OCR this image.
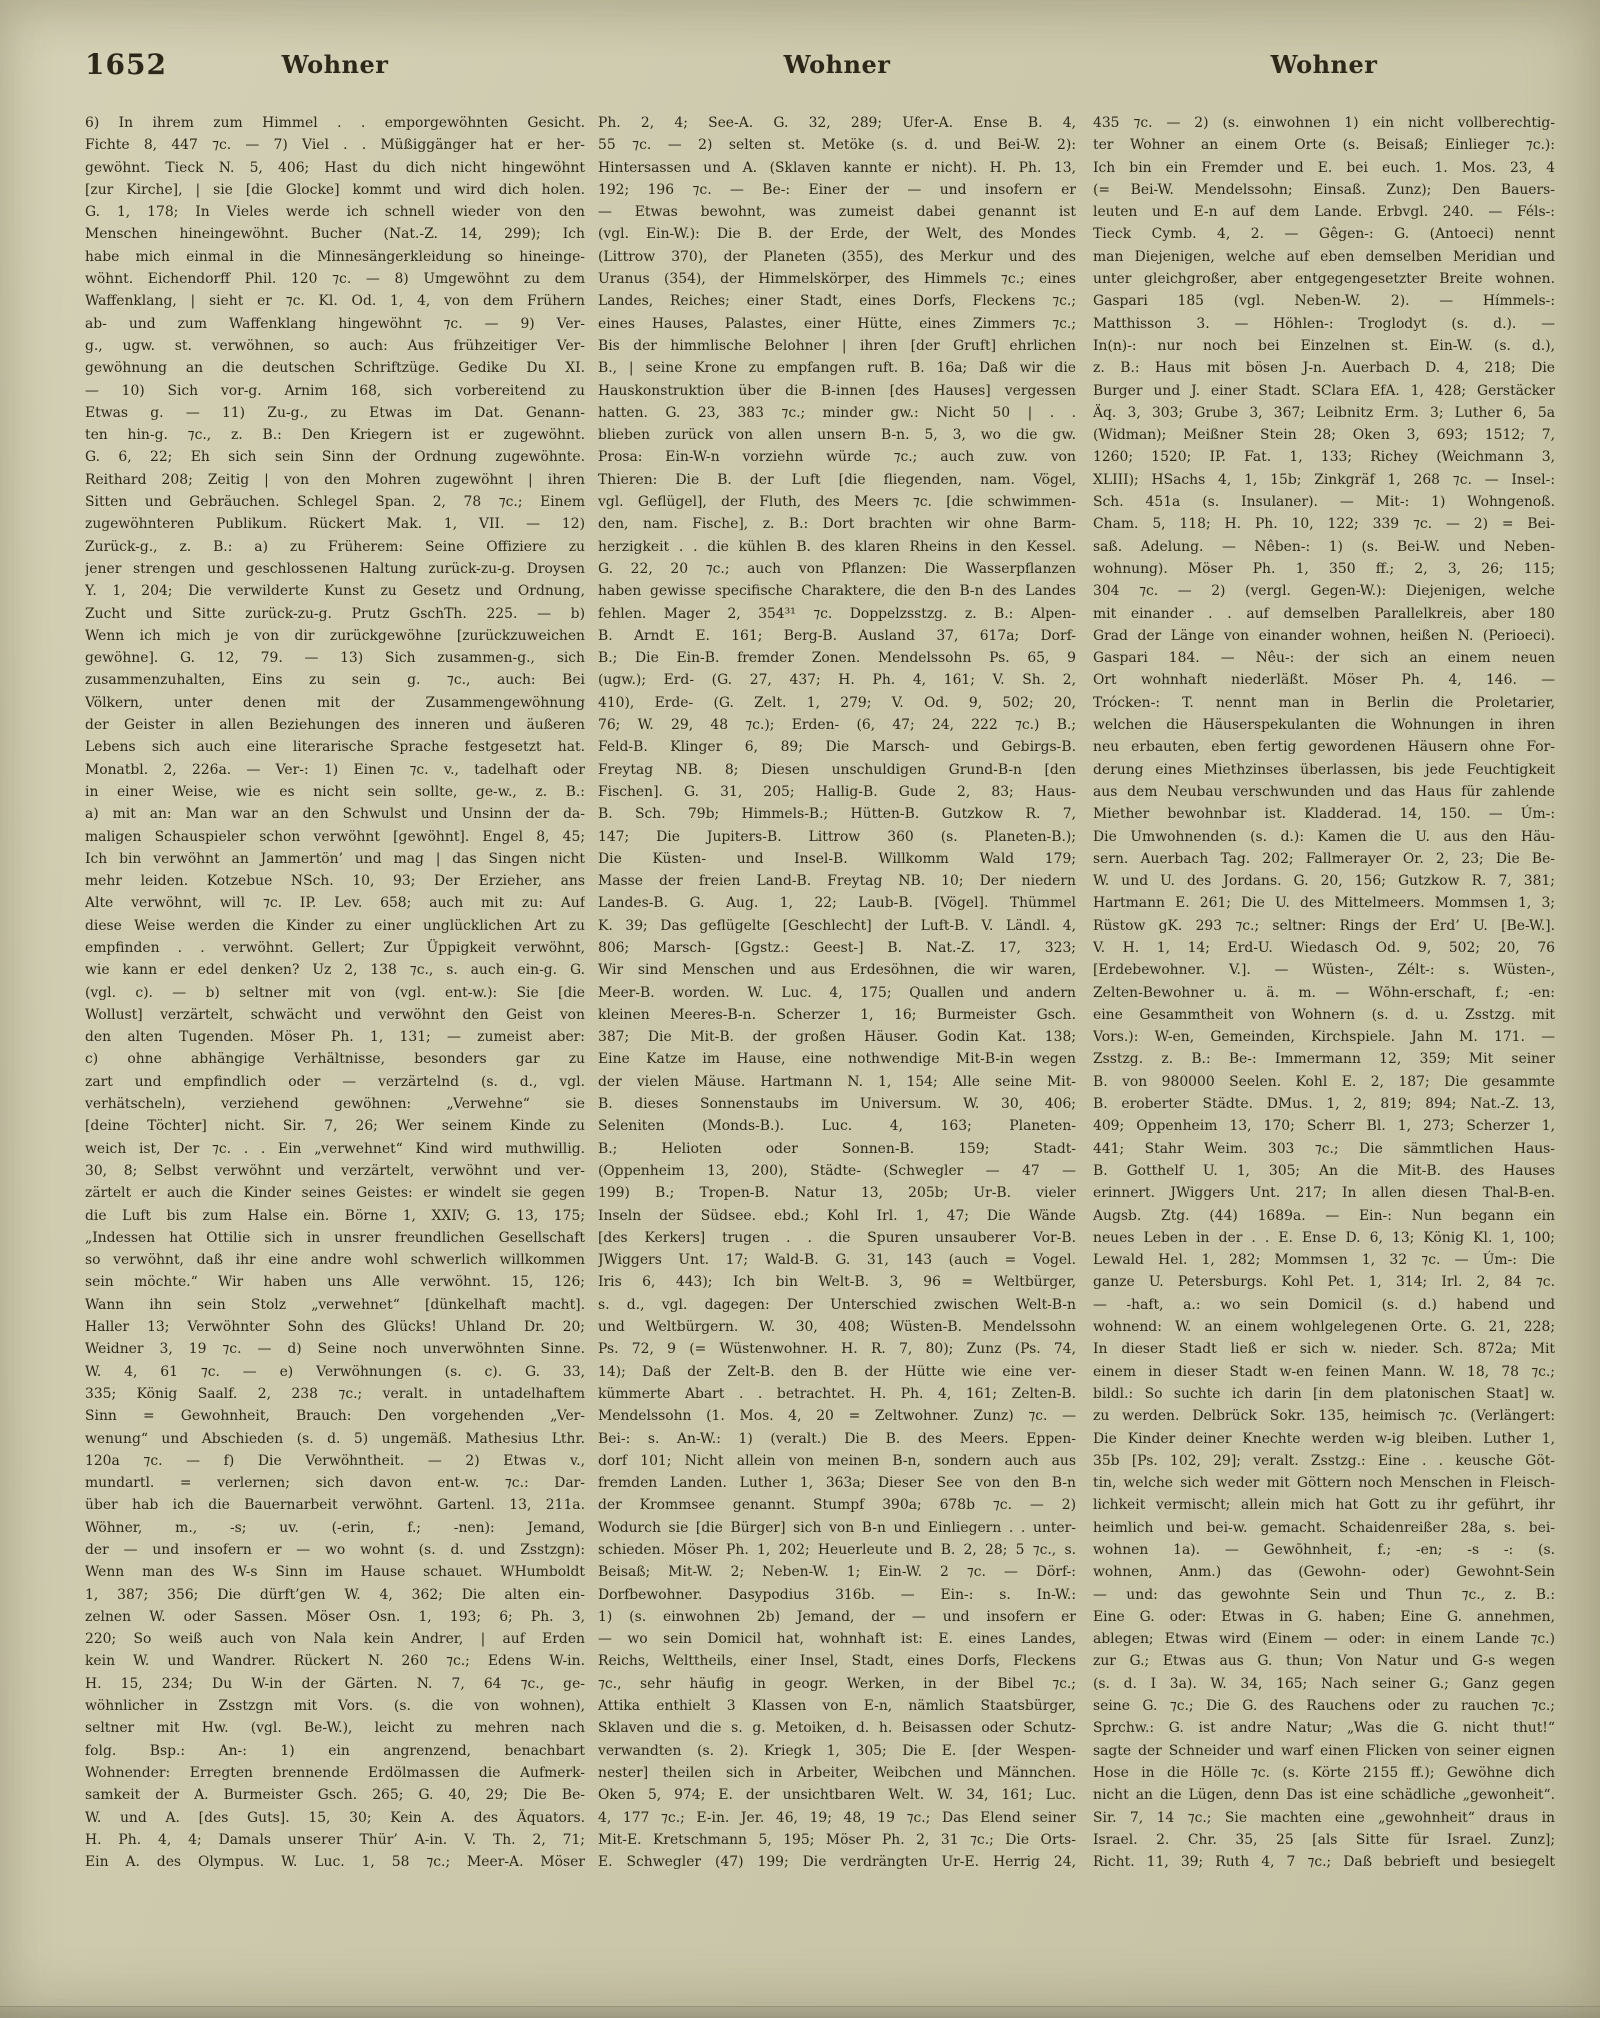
1652	Wohner	Wohner	Wohner
6) In ihrem zum Himmel . . emporgewöhnten Gesicht.
Fichte 8, 447 ⁊c. — 7) Viel . . Müßiggänger hat er her-
gewöhnt. Tieck N. 5, 406; Hast du dich nicht hingewöhnt
[zur Kirche], | sie [die Glocke] kommt und wird dich holen.
G. 1, 178; In Vieles werde ich schnell wieder von den
Menschen hineingewöhnt. Bucher (Nat.-Z. 14, 299); Ich
habe mich einmal in die Minnesängerkleidung so hineinge-
wöhnt. Eichendorff Phil. 120 ⁊c. — 8) Umgewöhnt zu dem
Waffenklang, | sieht er ⁊c. Kl. Od. 1, 4, von dem Frühern
ab- und zum Waffenklang hingewöhnt ⁊c. — 9) Ver-
g., ugw. st. verwöhnen, so auch: Aus frühzeitiger Ver-
gewöhnung an die deutschen Schriftzüge. Gedike Du XI.
— 10) Sich vor-g. Arnim 168, sich vorbereitend zu
Etwas g. — 11) Zu-g., zu Etwas im Dat. Genann-
ten hin-g. ⁊c., z. B.: Den Kriegern ist er zugewöhnt.
G. 6, 22; Eh sich sein Sinn der Ordnung zugewöhnte.
Reithard 208; Zeitig | von den Mohren zugewöhnt | ihren
Sitten und Gebräuchen. Schlegel Span. 2, 78 ⁊c.; Einem
zugewöhnteren Publikum. Rückert Mak. 1, VII. — 12)
Zurück-g., z. B.: a) zu Früherem: Seine Offiziere zu
jener strengen und geschlossenen Haltung zurück-zu-g. Droysen
Y. 1, 204; Die verwilderte Kunst zu Gesetz und Ordnung,
Zucht und Sitte zurück-zu-g. Prutz GschTh. 225. — b)
Wenn ich mich je von dir zurückgewöhne [zurückzuweichen
gewöhne]. G. 12, 79. — 13) Sich zusammen-g., sich
zusammenzuhalten, Eins zu sein g. ⁊c., auch: Bei
Völkern, unter denen mit der Zusammengewöhnung
der Geister in allen Beziehungen des inneren und äußeren
Lebens sich auch eine literarische Sprache festgesetzt hat.
Monatbl. 2, 226a. — Ver-: 1) Einen ⁊c. v., tadelhaft oder
in einer Weise, wie es nicht sein sollte, ge-w., z. B.:
a) mit an: Man war an den Schwulst und Unsinn der da-
maligen Schauspieler schon verwöhnt [gewöhnt]. Engel 8, 45;
Ich bin verwöhnt an Jammertön’ und mag | das Singen nicht
mehr leiden. Kotzebue NSch. 10, 93; Der Erzieher, ans
Alte verwöhnt, will ⁊c. IP. Lev. 658; auch mit zu: Auf
diese Weise werden die Kinder zu einer unglücklichen Art zu
empfinden . . verwöhnt. Gellert; Zur Üppigkeit verwöhnt,
wie kann er edel denken? Uz 2, 138 ⁊c., s. auch ein-g. G.
(vgl. c). — b) seltner mit von (vgl. ent-w.): Sie [die
Wollust] verzärtelt, schwächt und verwöhnt den Geist von
den alten Tugenden. Möser Ph. 1, 131; — zumeist aber:
c) ohne abhängige Verhältnisse, besonders gar zu
zart und empfindlich oder — verzärtelnd (s. d., vgl.
verhätscheln), verziehend gewöhnen: „Verwehne“ sie
[deine Töchter] nicht. Sir. 7, 26; Wer seinem Kinde zu
weich ist, Der ⁊c. . . Ein „verwehnet“ Kind wird muthwillig.
30, 8; Selbst verwöhnt und verzärtelt, verwöhnt und ver-
zärtelt er auch die Kinder seines Geistes: er windelt sie gegen
die Luft bis zum Halse ein. Börne 1, XXIV; G. 13, 175;
„Indessen hat Ottilie sich in unsrer freundlichen Gesellschaft
so verwöhnt, daß ihr eine andre wohl schwerlich willkommen
sein möchte.“ Wir haben uns Alle verwöhnt. 15, 126;
Wann ihn sein Stolz „verwehnet“ [dünkelhaft macht].
Haller 13; Verwöhnter Sohn des Glücks! Uhland Dr. 20;
Weidner 3, 19 ⁊c. — d) Seine noch unverwöhnten Sinne.
W. 4, 61 ⁊c. — e) Verwöhnungen (s. c). G. 33,
335; König Saalf. 2, 238 ⁊c.; veralt. in untadelhaftem
Sinn = Gewohnheit, Brauch: Den vorgehenden „Ver-
wenung“ und Abschieden (s. d. 5) ungemäß. Mathesius Lthr.
120a ⁊c. — f) Die Verwöhntheit. — 2) Etwas v.,
mundartl. = verlernen; sich davon ent-w. ⁊c.: Dar-
über hab ich die Bauernarbeit verwöhnt. Gartenl. 13, 211a.
Wöhner, m., -s; uv. (-erin, f.; -nen): Jemand,
der — und insofern er — wo wohnt (s. d. und Zsstzgn):
Wenn man des W-s Sinn im Hause schauet. WHumboldt
1, 387; 356; Die dürft’gen W. 4, 362; Die alten ein-
zelnen W. oder Sassen. Möser Osn. 1, 193; 6; Ph. 3,
220; So weiß auch von Nala kein Andrer, | auf Erden
kein W. und Wandrer. Rückert N. 260 ⁊c.; Edens W-in.
H. 15, 234; Du W-in der Gärten. N. 7, 64 ⁊c., ge-
wöhnlicher in Zsstzgn mit Vors. (s. die von wohnen),
seltner mit Hw. (vgl. Be-W.), leicht zu mehren nach
folg. Bsp.: An-: 1) ein angrenzend, benachbart
Wohnender: Erregten brennende Erdölmassen die Aufmerk-
samkeit der A. Burmeister Gsch. 265; G. 40, 29; Die Be-
W. und A. [des Guts]. 15, 30; Kein A. des Äquators.
H. Ph. 4, 4; Damals unserer Thür’ A-in. V. Th. 2, 71;
Ein A. des Olympus. W. Luc. 1, 58 ⁊c.; Meer-A. Möser
Ph. 2, 4; See-A. G. 32, 289; Ufer-A. Ense B. 4,
55 ⁊c. — 2) selten st. Metöke (s. d. und Bei-W. 2):
Hintersassen und A. (Sklaven kannte er nicht). H. Ph. 13,
192; 196 ⁊c. — Be-: Einer der — und insofern er
— Etwas bewohnt, was zumeist dabei genannt ist
(vgl. Ein-W.): Die B. der Erde, der Welt, des Mondes
(Littrow 370), der Planeten (355), des Merkur und des
Uranus (354), der Himmelskörper, des Himmels ⁊c.; eines
Landes, Reiches; einer Stadt, eines Dorfs, Fleckens ⁊c.;
eines Hauses, Palastes, einer Hütte, eines Zimmers ⁊c.;
Bis der himmlische Belohner | ihren [der Gruft] ehrlichen
B., | seine Krone zu empfangen ruft. B. 16a; Daß wir die
Hauskonstruktion über die B-innen [des Hauses] vergessen
hatten. G. 23, 383 ⁊c.; minder gw.: Nicht 50 | . .
blieben zurück von allen unsern B-n. 5, 3, wo die gw.
Prosa: Ein-W-n vorziehn würde ⁊c.; auch zuw. von
Thieren: Die B. der Luft [die fliegenden, nam. Vögel,
vgl. Geflügel], der Fluth, des Meers ⁊c. [die schwimmen-
den, nam. Fische], z. B.: Dort brachten wir ohne Barm-
herzigkeit . . die kühlen B. des klaren Rheins in den Kessel.
G. 22, 20 ⁊c.; auch von Pflanzen: Die Wasserpflanzen
haben gewisse specifische Charaktere, die den B-n des Landes
fehlen. Mager 2, 354³¹ ⁊c. Doppelzsstzg. z. B.: Alpen-
B. Arndt E. 161; Berg-B. Ausland 37, 617a; Dorf-
B.; Die Ein-B. fremder Zonen. Mendelssohn Ps. 65, 9
(ugw.); Erd- (G. 27, 437; H. Ph. 4, 161; V. Sh. 2,
410), Erde- (G. Zelt. 1, 279; V. Od. 9, 502; 20,
76; W. 29, 48 ⁊c.); Erden- (6, 47; 24, 222 ⁊c.) B.;
Feld-B. Klinger 6, 89; Die Marsch- und Gebirgs-B.
Freytag NB. 8; Diesen unschuldigen Grund-B-n [den
Fischen]. G. 31, 205; Hallig-B. Gude 2, 83; Haus-
B. Sch. 79b; Himmels-B.; Hütten-B. Gutzkow R. 7,
147; Die Jupiters-B. Littrow 360 (s. Planeten-B.);
Die Küsten- und Insel-B. Willkomm Wald 179;
Masse der freien Land-B. Freytag NB. 10; Der niedern
Landes-B. G. Aug. 1, 22; Laub-B. [Vögel]. Thümmel
K. 39; Das geflügelte [Geschlecht] der Luft-B. V. Ländl. 4,
806; Marsch- [Ggstz.: Geest-] B. Nat.-Z. 17, 323;
Wir sind Menschen und aus Erdesöhnen, die wir waren,
Meer-B. worden. W. Luc. 4, 175; Quallen und andern
kleinen Meeres-B-n. Scherzer 1, 16; Burmeister Gsch.
387; Die Mit-B. der großen Häuser. Godin Kat. 138;
Eine Katze im Hause, eine nothwendige Mit-B-in wegen
der vielen Mäuse. Hartmann N. 1, 154; Alle seine Mit-
B. dieses Sonnenstaubs im Universum. W. 30, 406;
Seleniten (Monds-B.). Luc. 4, 163; Planeten-
B.; Helioten oder Sonnen-B. 159; Stadt-
(Oppenheim 13, 200), Städte- (Schwegler — 47 —
199) B.; Tropen-B. Natur 13, 205b; Ur-B. vieler
Inseln der Südsee. ebd.; Kohl Irl. 1, 47; Die Wände
[des Kerkers] trugen . . die Spuren unsauberer Vor-B.
JWiggers Unt. 17; Wald-B. G. 31, 143 (auch = Vogel.
Iris 6, 443); Ich bin Welt-B. 3, 96 = Weltbürger,
s. d., vgl. dagegen: Der Unterschied zwischen Welt-B-n
und Weltbürgern. W. 30, 408; Wüsten-B. Mendelssohn
Ps. 72, 9 (= Wüstenwohner. H. R. 7, 80); Zunz (Ps. 74,
14); Daß der Zelt-B. den B. der Hütte wie eine ver-
kümmerte Abart . . betrachtet. H. Ph. 4, 161; Zelten-B.
Mendelssohn (1. Mos. 4, 20 = Zeltwohner. Zunz) ⁊c. —
Bei-: s. An-W.: 1) (veralt.) Die B. des Meers. Eppen-
dorf 101; Nicht allein von meinen B-n, sondern auch aus
fremden Landen. Luther 1, 363a; Dieser See von den B-n
der Krommsee genannt. Stumpf 390a; 678b ⁊c. — 2)
Wodurch sie [die Bürger] sich von B-n und Einliegern . . unter-
schieden. Möser Ph. 1, 202; Heuerleute und B. 2, 28; 5 ⁊c., s.
Beisaß; Mit-W. 2; Neben-W. 1; Ein-W. 2 ⁊c. — Dörf-:
Dorfbewohner. Dasypodius 316b. — Ein-: s. In-W.:
1) (s. einwohnen 2b) Jemand, der — und insofern er
— wo sein Domicil hat, wohnhaft ist: E. eines Landes,
Reichs, Welttheils, einer Insel, Stadt, eines Dorfs, Fleckens
⁊c., sehr häufig in geogr. Werken, in der Bibel ⁊c.;
Attika enthielt 3 Klassen von E-n, nämlich Staatsbürger,
Sklaven und die s. g. Metoiken, d. h. Beisassen oder Schutz-
verwandten (s. 2). Kriegk 1, 305; Die E. [der Wespen-
nester] theilen sich in Arbeiter, Weibchen und Männchen.
Oken 5, 974; E. der unsichtbaren Welt. W. 34, 161; Luc.
4, 177 ⁊c.; E-in. Jer. 46, 19; 48, 19 ⁊c.; Das Elend seiner
Mit-E. Kretschmann 5, 195; Möser Ph. 2, 31 ⁊c.; Die Orts-
E. Schwegler (47) 199; Die verdrängten Ur-E. Herrig 24,
435 ⁊c. — 2) (s. einwohnen 1) ein nicht vollberechtig-
ter Wohner an einem Orte (s. Beisaß; Einlieger ⁊c.):
Ich bin ein Fremder und E. bei euch. 1. Mos. 23, 4
(= Bei-W. Mendelssohn; Einsaß. Zunz); Den Bauers-
leuten und E-n auf dem Lande. Erbvgl. 240. — Féls-:
Tieck Cymb. 4, 2. — Gêgen-: G. (Antoeci) nennt
man Diejenigen, welche auf eben demselben Meridian und
unter gleichgroßer, aber entgegengesetzter Breite wohnen.
Gaspari 185 (vgl. Neben-W. 2). — Hímmels-:
Matthisson 3. — Höhlen-: Troglodyt (s. d.). —
In(n)-: nur noch bei Einzelnen st. Ein-W. (s. d.),
z. B.: Haus mit bösen J-n. Auerbach D. 4, 218; Die
Burger und J. einer Stadt. SClara EfA. 1, 428; Gerstäcker
Äq. 3, 303; Grube 3, 367; Leibnitz Erm. 3; Luther 6, 5a
(Widman); Meißner Stein 28; Oken 3, 693; 1512; 7,
1260; 1520; IP. Fat. 1, 133; Richey (Weichmann 3,
XLIII); HSachs 4, 1, 15b; Zinkgräf 1, 268 ⁊c. — Insel-:
Sch. 451a (s. Insulaner). — Mit-: 1) Wohngenoß.
Cham. 5, 118; H. Ph. 10, 122; 339 ⁊c. — 2) = Bei-
saß. Adelung. — Nêben-: 1) (s. Bei-W. und Neben-
wohnung). Möser Ph. 1, 350 ff.; 2, 3, 26; 115;
304 ⁊c. — 2) (vergl. Gegen-W.): Diejenigen, welche
mit einander . . auf demselben Parallelkreis, aber 180
Grad der Länge von einander wohnen, heißen N. (Perioeci).
Gaspari 184. — Nêu-: der sich an einem neuen
Ort wohnhaft niederläßt. Möser Ph. 4, 146. —
Trócken-: T. nennt man in Berlin die Proletarier,
welchen die Häuserspekulanten die Wohnungen in ihren
neu erbauten, eben fertig gewordenen Häusern ohne For-
derung eines Miethzinses überlassen, bis jede Feuchtigkeit
aus dem Neubau verschwunden und das Haus für zahlende
Miether bewohnbar ist. Kladderad. 14, 150. — Úm-:
Die Umwohnenden (s. d.): Kamen die U. aus den Häu-
sern. Auerbach Tag. 202; Fallmerayer Or. 2, 23; Die Be-
W. und U. des Jordans. G. 20, 156; Gutzkow R. 7, 381;
Hartmann E. 261; Die U. des Mittelmeers. Mommsen 1, 3;
Rüstow gK. 293 ⁊c.; seltner: Rings der Erd’ U. [Be-W.].
V. H. 1, 14; Erd-U. Wiedasch Od. 9, 502; 20, 76
[Erdebewohner. V.]. — Wüsten-, Zélt-: s. Wüsten-,
Zelten-Bewohner u. ä. m. — Wōhn-erschaft, f.; -en:
eine Gesammtheit von Wohnern (s. d. u. Zsstzg. mit
Vors.): W-en, Gemeinden, Kirchspiele. Jahn M. 171. —
Zsstzg. z. B.: Be-: Immermann 12, 359; Mit seiner
B. von 980000 Seelen. Kohl E. 2, 187; Die gesammte
B. eroberter Städte. DMus. 1, 2, 819; 894; Nat.-Z. 13,
409; Oppenheim 13, 170; Scherr Bl. 1, 273; Scherzer 1,
441; Stahr Weim. 303 ⁊c.; Die sämmtlichen Haus-
B. Gotthelf U. 1, 305; An die Mit-B. des Hauses
erinnert. JWiggers Unt. 217; In allen diesen Thal-B-en.
Augsb. Ztg. (44) 1689a. — Ein-: Nun begann ein
neues Leben in der . . E. Ense D. 6, 13; König Kl. 1, 100;
Lewald Hel. 1, 282; Mommsen 1, 32 ⁊c. — Úm-: Die
ganze U. Petersburgs. Kohl Pet. 1, 314; Irl. 2, 84 ⁊c.
— -haft, a.: wo sein Domicil (s. d.) habend und
wohnend: W. an einem wohlgelegenen Orte. G. 21, 228;
In dieser Stadt ließ er sich w. nieder. Sch. 872a; Mit
einem in dieser Stadt w-en feinen Mann. W. 18, 78 ⁊c.;
bildl.: So suchte ich darin [in dem platonischen Staat] w.
zu werden. Delbrück Sokr. 135, heimisch ⁊c. (Verlängert:
Die Kinder deiner Knechte werden w-ig bleiben. Luther 1,
35b [Ps. 102, 29]; veralt. Zsstzg.: Eine . . keusche Göt-
tin, welche sich weder mit Göttern noch Menschen in Fleisch-
lichkeit vermischt; allein mich hat Gott zu ihr geführt, ihr
heimlich und bei-w. gemacht. Schaidenreißer 28a, s. bei-
wohnen 1a). — Gewōhnheit, f.; -en; -s -: (s.
wohnen, Anm.) das (Gewohn- oder) Gewohnt-Sein
— und: das gewohnte Sein und Thun ⁊c., z. B.:
Eine G. oder: Etwas in G. haben; Eine G. annehmen,
ablegen; Etwas wird (Einem — oder: in einem Lande ⁊c.)
zur G.; Etwas aus G. thun; Von Natur und G-s wegen
(s. d. I 3a). W. 34, 165; Nach seiner G.; Ganz gegen
seine G. ⁊c.; Die G. des Rauchens oder zu rauchen ⁊c.;
Sprchw.: G. ist andre Natur; „Was die G. nicht thut!“
sagte der Schneider und warf einen Flicken von seiner eignen
Hose in die Hölle ⁊c. (s. Körte 2155 ff.); Gewöhne dich
nicht an die Lügen, denn Das ist eine schädliche „gewonheit“.
Sir. 7, 14 ⁊c.; Sie machten eine „gewohnheit“ draus in
Israel. 2. Chr. 35, 25 [als Sitte für Israel. Zunz];
Richt. 11, 39; Ruth 4, 7 ⁊c.; Daß bebrieft und besiegelt
